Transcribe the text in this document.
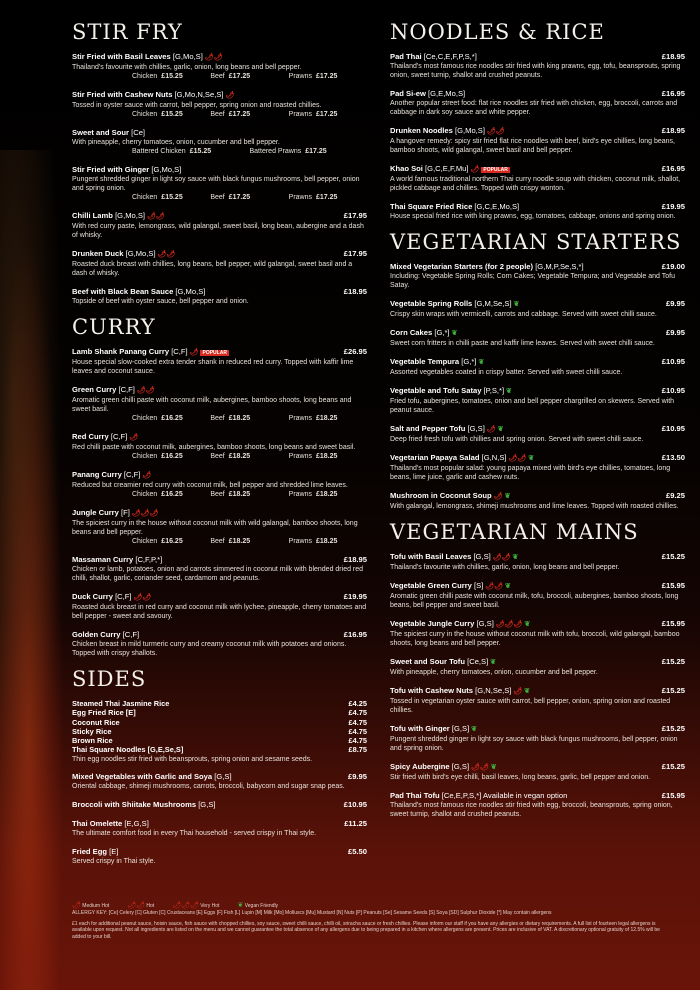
STIR FRY
Stir Fried with Basil Leaves [G,Mo,S] 🌶🌶
Thailand's favourite with chillies, garlic, onion, long beans and bell pepper.
Chicken £15.25	Beef £17.25	Prawns £17.25
Stir Fried with Cashew Nuts [G,Mo,N,Se,S] 🌶
Tossed in oyster sauce with carrot, bell pepper, spring onion and roasted chillies.
Chicken £15.25	Beef £17.25	Prawns £17.25
Sweet and Sour [Ce]
With pineapple, cherry tomatoes, onion, cucumber and bell pepper.
Battered Chicken £15.25	Battered Prawns £17.25
Stir Fried with Ginger [G,Mo,S]
Pungent shredded ginger in light soy sauce with black fungus mushrooms, bell pepper, onion and spring onion.
Chicken £15.25	Beef £17.25	Prawns £17.25
Chilli Lamb [G,Mo,S] 🌶🌶	£17.95
With red curry paste, lemongrass, wild galangal, sweet basil, long bean, aubergine and a dash of whisky.
Drunken Duck [G,Mo,S] 🌶🌶	£17.95
Roasted duck breast with chillies, long beans, bell pepper, wild galangal, sweet basil and a dash of whisky.
Beef with Black Bean Sauce [G,Mo,S]	£18.95
Topside of beef with oyster sauce, bell pepper and onion.
CURRY
Lamb Shank Panang Curry [C,F] 🌶 POPULAR	£26.95
House special slow-cooked extra tender shank in reduced red curry. Topped with kaffir lime leaves and coconut sauce.
Green Curry [C,F] 🌶🌶
Aromatic green chilli paste with coconut milk, aubergines, bamboo shoots, long beans and sweet basil.
Chicken £16.25	Beef £18.25	Prawns £18.25
Red Curry [C,F] 🌶
Red chilli paste with coconut milk, aubergines, bamboo shoots, long beans and sweet basil.
Chicken £16.25	Beef £18.25	Prawns £18.25
Panang Curry [C,F] 🌶
Reduced but creamier red curry with coconut milk, bell pepper and shredded lime leaves.
Chicken £16.25	Beef £18.25	Prawns £18.25
Jungle Curry [F] 🌶🌶🌶
The spiciest curry in the house without coconut milk with wild galangal, bamboo shoots, long beans and bell pepper.
Chicken £16.25	Beef £18.25	Prawns £18.25
Massaman Curry [C,F,P,*]	£18.95
Chicken or lamb, potatoes, onion and carrots simmered in coconut milk with blended dried red chilli, shallot, garlic, coriander seed, cardamom and peanuts.
Duck Curry [C,F] 🌶🌶	£19.95
Roasted duck breast in red curry and coconut milk with lychee, pineapple, cherry tomatoes and bell pepper - sweet and savoury.
Golden Curry [C,F]	£16.95
Chicken breast in mild turmeric curry and creamy coconut milk with potatoes and onions. Topped with crispy shallots.
SIDES
Steamed Thai Jasmine Rice	£4.25
Egg Fried Rice [E]	£4.75
Coconut Rice	£4.75
Sticky Rice	£4.75
Brown Rice	£4.75
Thai Square Noodles [G,E,Se,S]	£8.75
Thin egg noodles stir fried with beansprouts, spring onion and sesame seeds.
Mixed Vegetables with Garlic and Soya [G,S]	£9.95
Oriental cabbage, shimeji mushrooms, carrots, broccoli, babycorn and sugar snap peas.
Broccoli with Shiitake Mushrooms [G,S]	£10.95
Thai Omelette [E,G,S]	£11.25
The ultimate comfort food in every Thai household - served crispy in Thai style.
Fried Egg [E]	£5.50
Served crispy in Thai style.
NOODLES & RICE
Pad Thai [Ce,C,E,F,P,S,*]	£18.95
Thailand's most famous rice noodles stir fried with king prawns, egg, tofu, beansprouts, spring onion, sweet turnip, shallot and crushed peanuts.
Pad Si-ew [G,E,Mo,S]	£16.95
Another popular street food: flat rice noodles stir fried with chicken, egg, broccoli, carrots and cabbage in dark soy sauce and white pepper.
Drunken Noodles [G,Mo,S] 🌶🌶	£18.95
A hangover remedy: spicy stir fried flat rice noodles with beef, bird's eye chillies, long beans, bamboo shoots, wild galangal, sweet basil and bell pepper.
Khao Soi [G,C,E,F,Mu] 🌶 POPULAR	£16.95
A world famous traditional northern Thai curry noodle soup with chicken, coconut milk, shallot, pickled cabbage and chillies. Topped with crispy wonton.
Thai Square Fried Rice [G,C,E,Mo,S]	£19.95
House special fried rice with king prawns, egg, tomatoes, cabbage, onions and spring onion.
VEGETARIAN STARTERS
Mixed Vegetarian Starters (for 2 people) [G,M,P,Se,S,*]	£19.00
Including: Vegetable Spring Rolls; Corn Cakes; Vegetable Tempura; and Vegetable and Tofu Satay.
Vegetable Spring Rolls [G,M,Se,S] ❦	£9.95
Crispy skin wraps with vermicelli, carrots and cabbage. Served with sweet chilli sauce.
Corn Cakes [G,*] ❦	£9.95
Sweet corn fritters in chilli paste and kaffir lime leaves. Served with sweet chilli sauce.
Vegetable Tempura [G,*] ❦	£10.95
Assorted vegetables coated in crispy batter. Served with sweet chilli sauce.
Vegetable and Tofu Satay [P,S,*] ❦	£10.95
Fried tofu, aubergines, tomatoes, onion and bell pepper chargrilled on skewers. Served with peanut sauce.
Salt and Pepper Tofu [G,S] 🌶 ❦	£10.95
Deep fried fresh tofu with chillies and spring onion. Served with sweet chilli sauce.
Vegetarian Papaya Salad [G,N,S] 🌶🌶 ❦	£13.50
Thailand's most popular salad: young papaya mixed with bird's eye chillies, tomatoes, long beans, lime juice, garlic and cashew nuts.
Mushroom in Coconut Soup 🌶 ❦	£9.25
With galangal, lemongrass, shimeji mushrooms and lime leaves. Topped with roasted chillies.
VEGETARIAN MAINS
Tofu with Basil Leaves [G,S] 🌶🌶 ❦	£15.25
Thailand's favourite with chillies, garlic, onion, long beans and bell pepper.
Vegetable Green Curry [S] 🌶🌶 ❦	£15.95
Aromatic green chilli paste with coconut milk, tofu, broccoli, aubergines, bamboo shoots, long beans, bell pepper and sweet basil.
Vegetable Jungle Curry [G,S] 🌶🌶🌶 ❦	£15.95
The spiciest curry in the house without coconut milk with tofu, broccoli, wild galangal, bamboo shoots, long beans and bell pepper.
Sweet and Sour Tofu [Ce,S] ❦	£15.25
With pineapple, cherry tomatoes, onion, cucumber and bell pepper.
Tofu with Cashew Nuts [G,N,Se,S] 🌶 ❦	£15.25
Tossed in vegetarian oyster sauce with carrot, bell pepper, onion, spring onion and roasted chillies.
Tofu with Ginger [G,S] ❦	£15.25
Pungent shredded ginger in light soy sauce with black fungus mushrooms, bell pepper, onion and spring onion.
Spicy Aubergine [G,S] 🌶🌶 ❦	£15.25
Stir fried with bird's eye chilli, basil leaves, long beans, garlic, bell pepper and onion.
Pad Thai Tofu [Ce,E,P,S,*] Available in vegan option	£15.95
Thailand's most famous rice noodles stir fried with egg, broccoli, beansprouts, spring onion, sweet turnip, shallot and crushed peanuts.
🌶 Medium Hot	🌶🌶 Hot	🌶🌶🌶 Very Hot	❦ Vegan Friendly
ALLERGY KEY: [Ce] Celery [C] Gluten [C] Crustaceans [E] Eggs [F] Fish [L] Lupin [M] Milk [Mo] Molluscs [Mu] Mustard [N] Nuts [P] Peanuts [Se] Sesame Seeds [S] Soya [SD] Sulphur Dioxide [*] May contain allergens
£1 each for additional peanut sauce, hoisin sauce, fish sauce with chopped chillies, soy sauce, sweet chilli sauce, chilli oil, sriracha sauce or fresh chillies. Please inform our staff if you have any allergies or dietary requirements. A full list of fourteen legal allergens is available upon request. Not all ingredients are listed on the menu and we cannot guarantee the total absence of any allergens due to being prepared in a kitchen where allergens are present. Prices are inclusive of VAT. A discretionary optional gratuity of 12.5% will be added to your bill.
